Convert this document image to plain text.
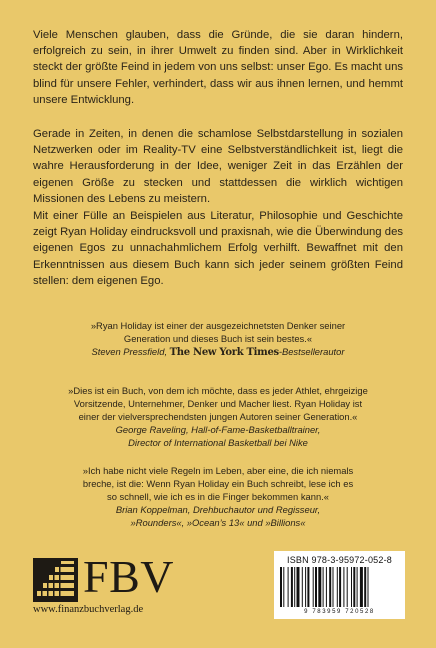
Viele Menschen glauben, dass die Gründe, die sie daran hindern, erfolgreich zu sein, in ihrer Umwelt zu finden sind. Aber in Wirklichkeit steckt der größte Feind in jedem von uns selbst: unser Ego. Es macht uns blind für unsere Fehler, verhindert, dass wir aus ihnen lernen, und hemmt unsere Entwicklung.

Gerade in Zeiten, in denen die schamlose Selbstdarstellung in sozialen Netzwerken oder im Reality-TV eine Selbstverständlichkeit ist, liegt die wahre Herausforderung in der Idee, weniger Zeit in das Erzählen der eigenen Größe zu stecken und stattdessen die wirklich wichtigen Missionen des Lebens zu meistern.

Mit einer Fülle an Beispielen aus Literatur, Philosophie und Geschichte zeigt Ryan Holiday eindrucksvoll und praxisnah, wie die Überwindung des eigenen Egos zu unnachahmlichem Erfolg verhilft. Bewaffnet mit den Erkenntnissen aus diesem Buch kann sich jeder seinem größten Feind stellen: dem eigenen Ego.

»Ryan Holiday ist einer der ausgezeichnetsten Denker seiner
Generation und dieses Buch ist sein bestes.«
Steven Pressfield, The New York Times-Bestsellerautor
»Dies ist ein Buch, von dem ich möchte, dass es jeder Athlet, ehrgeizige
Vorsitzende, Unternehmer, Denker und Macher liest. Ryan Holiday ist
einer der vielversprechendsten jungen Autoren seiner Generation.«
George Raveling, Hall-of-Fame-Basketballtrainer,
Director of International Basketball bei Nike
»Ich habe nicht viele Regeln im Leben, aber eine, die ich niemals
breche, ist die: Wenn Ryan Holiday ein Buch schreibt, lese ich es
so schnell, wie ich es in die Finger bekommen kann.«
Brian Koppelman, Drehbuchautor und Regisseur,
»Rounders«, »Ocean’s 13« und »Billions«
FBV
www.finanzbuchverlag.de
ISBN 978-3-95972-052-8
9 783959 720528
